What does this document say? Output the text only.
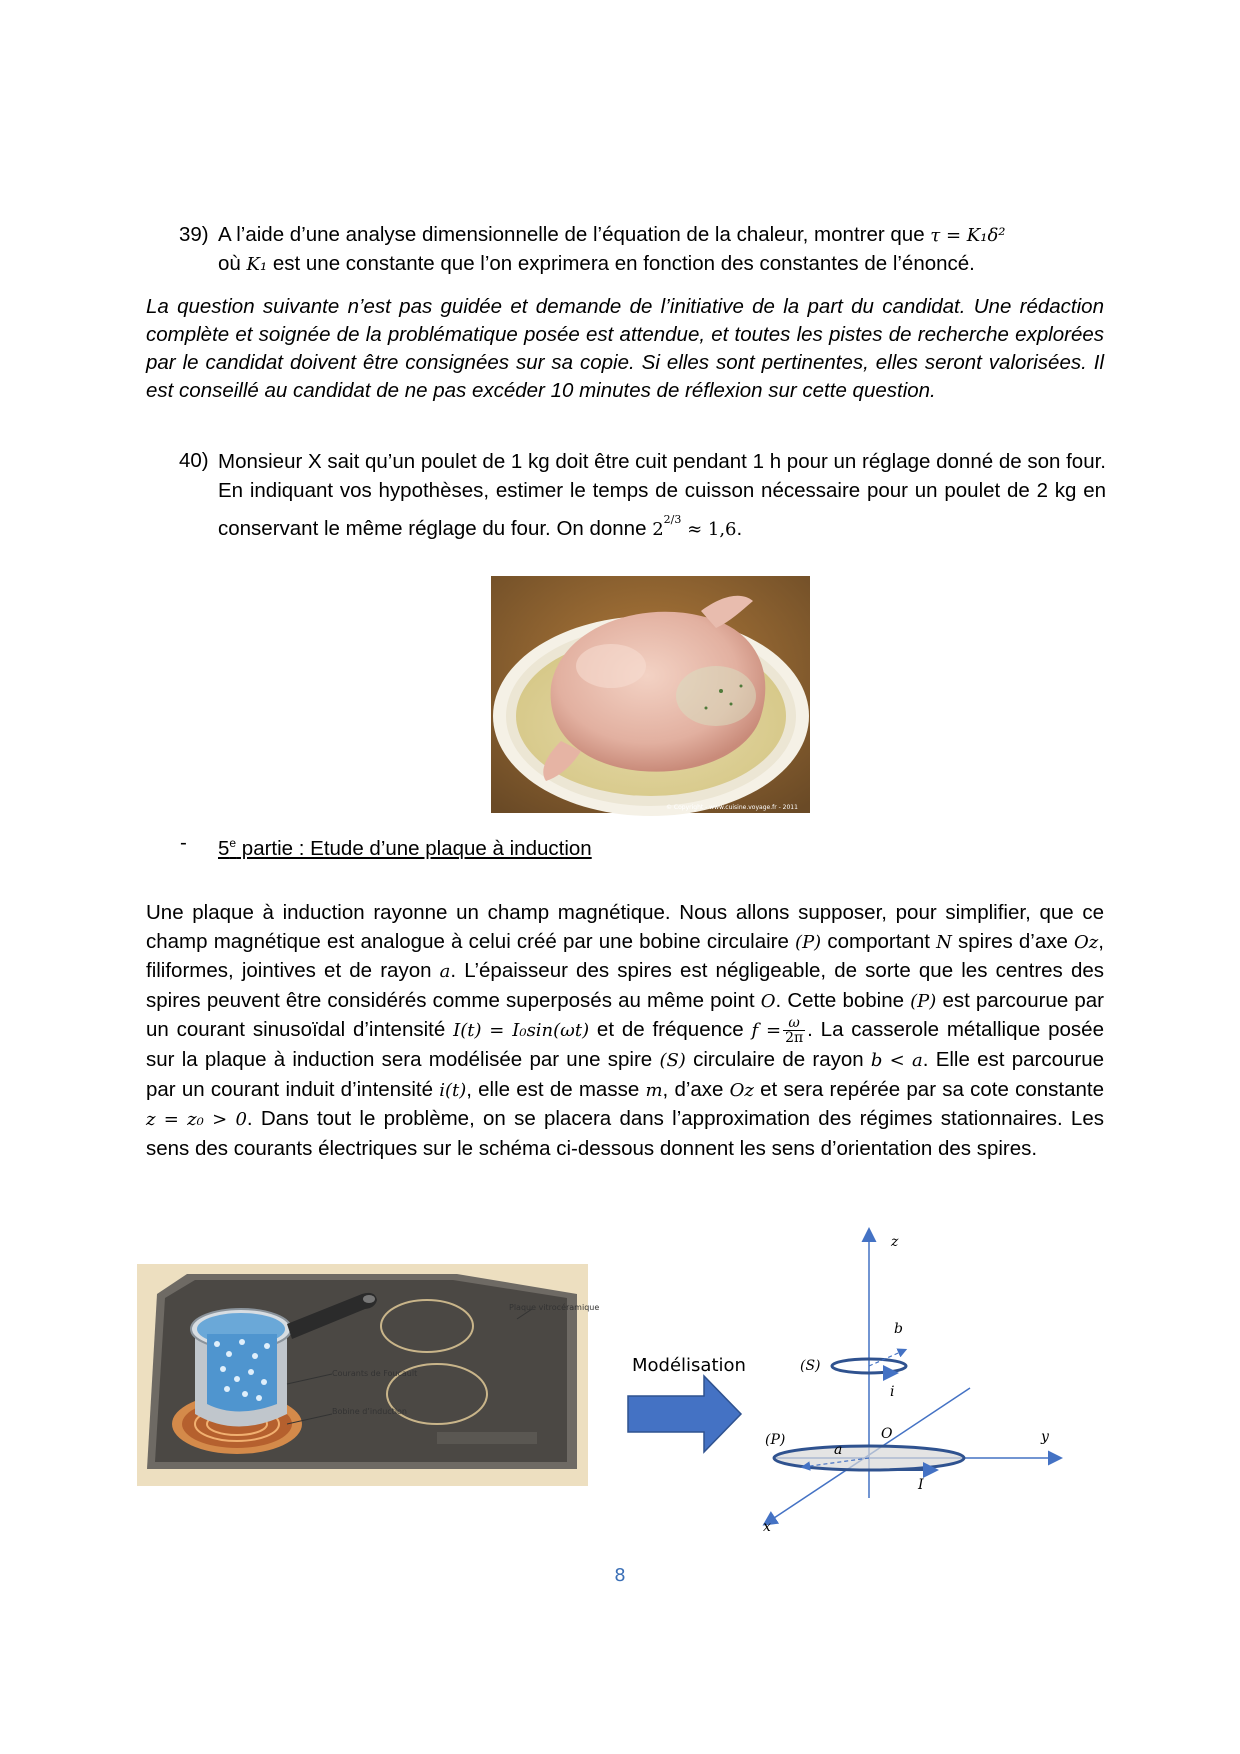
39) A l’aide d’une analyse dimensionnelle de l’équation de la chaleur, montrer que τ = K₁δ²
où K₁ est une constante que l’on exprimera en fonction des constantes de l’énoncé.
La question suivante n’est pas guidée et demande de l’initiative de la part du candidat. Une rédaction complète et soignée de la problématique posée est attendue, et toutes les pistes de recherche explorées par le candidat doivent être consignées sur sa copie. Si elles sont pertinentes, elles seront valorisées. Il est conseillé au candidat de ne pas excéder 10 minutes de réflexion sur cette question.
40) Monsieur X sait qu’un poulet de 1 kg doit être cuit pendant 1 h pour un réglage donné de son four. En indiquant vos hypothèses, estimer le temps de cuisson nécessaire pour un poulet de 2 kg en conservant le même réglage du four. On donne $2^{2/3} \approx 1,6$.
© Copyright - www.cuisine.voyage.fr - 2011
- 5e partie : Etude d’une plaque à induction
Une plaque à induction rayonne un champ magnétique. Nous allons supposer, pour simplifier, que ce champ magnétique est analogue à celui créé par une bobine circulaire (P) comportant N spires d’axe Oz, filiformes, jointives et de rayon a. L’épaisseur des spires est négligeable, de sorte que les centres des spires peuvent être considérés comme superposés au même point O. Cette bobine (P) est parcourue par un courant sinusoïdal d’intensité I(t) = I₀sin(ωt) et de fréquence $f = \frac{\omega}{2\pi}$ . La casserole métallique posée sur la plaque à induction sera modélisée par une spire (S) circulaire de rayon b < a. Elle est parcourue par un courant induit d’intensité i(t), elle est de masse m, d’axe Oz et sera repérée par sa cote constante z = z₀ > 0. Dans tout le problème, on se placera dans l’approximation des régimes stationnaires. Les sens des courants électriques sur le schéma ci-dessous donnent les sens d’orientation des spires.
Plaque vitrocéramique
Courants de Foucault
Bobine d’induction
Modélisation
z
y
x
b
(S)
i
(P)
a
O
I
8
